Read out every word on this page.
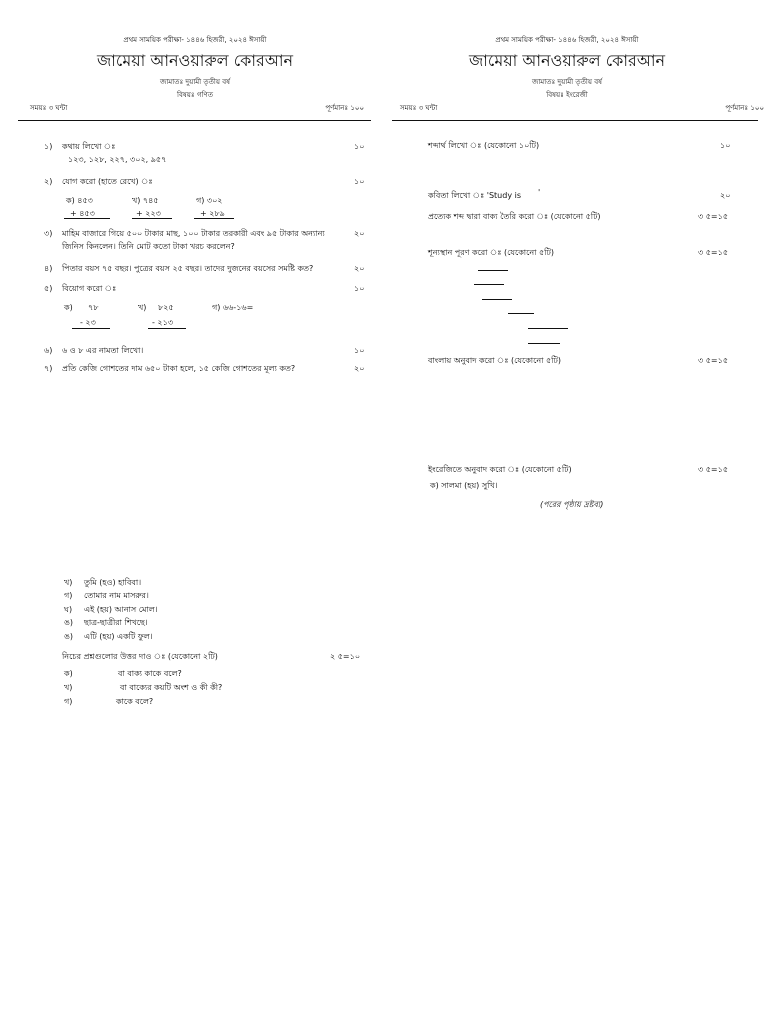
প্রথম সাময়িক পরীক্ষা- ১৪৪৬ হিজরী, ২০২৪ ঈসায়ী
জামেয়া আনওয়ারুল কোরআন
জামাতঃ দুয়ামী তৃতীয় বর্ষ
বিষয়ঃ গণিত
সময়ঃ ৩ ঘন্টা	পূর্ণমানঃ ১০০
১) কথায় লিখো ঃ	১০
১২৩, ১২৮, ২২৭, ৩০২, ৯৫৭
২) যোগ করো (হাতে রেখে) ঃ	১০
ক) ৪৫৩
+ ৪৫৩
খ) ৭৪৫
+ ২২৩
গ) ৩০২
+ ২৮৯
৩) মাহিম বাজারে গিয়ে ৫০০ টাকার মাছ, ১০০ টাকার তরকারী এবং ৯৫ টাকার অন্যান্য
জিনিস কিনলেন। তিনি মোট কতো টাকা খরচ করলেন?
২০
৪) পিতার বয়স ৭৫ বছর। পুত্রের বয়স ২৫ বছর। তাদের দুজনের বয়সের সমষ্টি কত?	২০
৫) বিয়োগ করো ঃ	১০
ক) ৭৮
- ২৩
খ) ৮২৫
- ২১৩
গ) ৬৬-১৬=
৬) ৬ ও ৮ এর নামতা লিখো।	১০
৭) প্রতি কেজি গোশতের দাম ৬৫০ টাকা হলে, ১৫ কেজি গোশতের মূল্য কত?	২০
খ) তুমি (হও) হাবিবা।
গ) তোমার নাম মাসরুর।
ঘ) এই (হয়) আনাস মোল।
ঙ) ছাত্র-ছাত্রীরা শিখছে।
ঙ) এটি (হয়) একটি ফুল।
নিচের প্রশ্নগুলোর উত্তর দাও ঃ (যেকোনো ২টি)	২ ৫=১০
ক)	বা বাক্য কাকে বলে?
খ)	বা বাক্যের কয়টি অংশ ও কী কী?
গ)	কাকে বলে?
প্রথম সাময়িক পরীক্ষা- ১৪৪৬ হিজরী, ২০২৪ ঈসায়ী
জামেয়া আনওয়ারুল কোরআন
জামাতঃ দুয়ামী তৃতীয় বর্ষ
বিষয়ঃ ইংরেজী
সময়ঃ ৩ ঘন্টা	পূর্ণমানঃ ১০০
শব্দার্থ লিখো ঃ (যেকোনো ১০টি)	১০
কবিতা লিখো ঃ 'Study is '	২০
প্রত্যেক শব্দ দ্বারা বাক্য তৈরি করো ঃ (যেকোনো ৫টি)	৩ ৫=১৫
শূন্যস্থান পূরণ করো ঃ (যেকোনো ৫টি)	৩ ৫=১৫
বাংলায় অনুবাদ করো ঃ (যেকোনো ৫টি)	৩ ৫=১৫
ইংরেজিতে অনুবাদ করো ঃ (যেকোনো ৫টি)	৩ ৫=১৫
ক) সালমা (হয়) সুখি।
(পরের পৃষ্ঠায় দ্রষ্টব্য)
